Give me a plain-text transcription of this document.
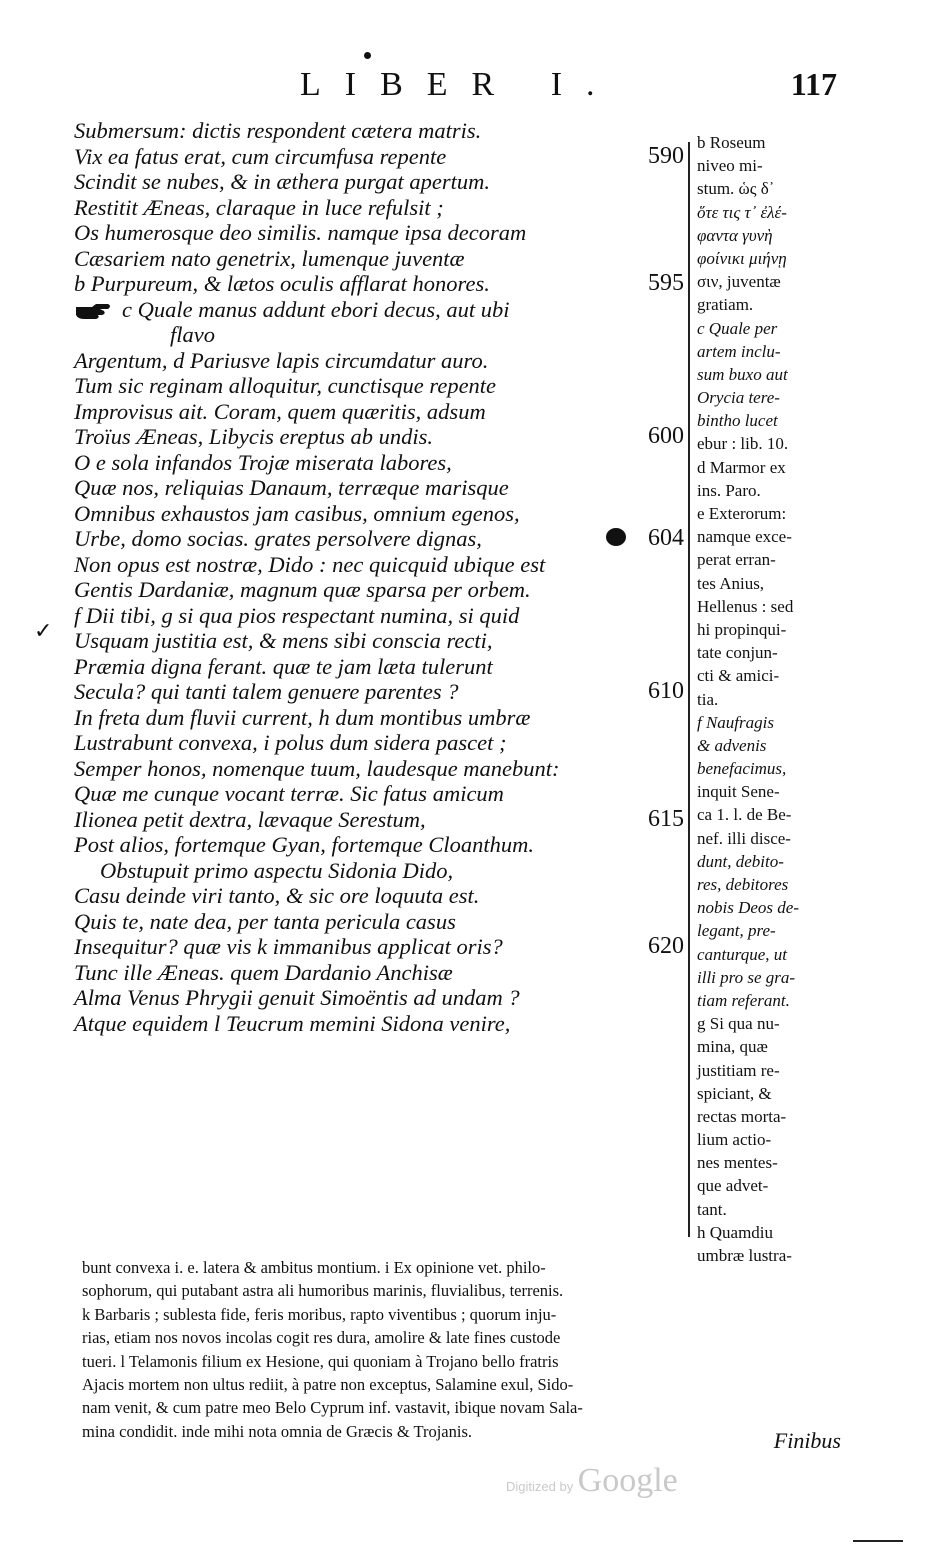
LIBER I.	117
Submersum: dictis respondent cætera matris.
Vix ea fatus erat, cum circumfusa repente	590
Scindit se nubes, & in æthera purgat apertum.
Restitit Æneas, claraque in luce refulsit ;
Os humerosque deo similis. namque ipsa decoram
Cæsariem nato genetrix, lumenque juventæ
b Purpureum, & lætos oculis afflarat honores.	595
c Quale manus addunt ebori decus, aut ubi
flavo
Argentum, d Pariusve lapis circumdatur auro.
Tum sic reginam alloquitur, cunctisque repente
Improvisus ait. Coram, quem quæritis, adsum
Troïus Æneas, Libycis ereptus ab undis.	600
O e sola infandos Trojæ miserata labores,
Quæ nos, reliquias Danaum, terræque marisque
Omnibus exhaustos jam casibus, omnium egenos,
Urbe, domo socias. grates persolvere dignas,	604
Non opus est nostræ, Dido : nec quicquid ubique est
Gentis Dardaniæ, magnum quæ sparsa per orbem.
f Dii tibi, g si qua pios respectant numina, si quid
Usquam justitia est, & mens sibi conscia recti,
Præmia digna ferant. quæ te jam læta tulerunt
Secula? qui tanti talem genuere parentes ?	610
In freta dum fluvii current, h dum montibus umbræ
Lustrabunt convexa, i polus dum sidera pascet ;
Semper honos, nomenque tuum, laudesque manebunt:
Quæ me cunque vocant terræ. Sic fatus amicum
Ilionea petit dextra, lævaque Serestum,	615
Post alios, fortemque Gyan, fortemque Cloanthum.
Obstupuit primo aspectu Sidonia Dido,
Casu deinde viri tanto, & sic ore loquuta est.
Quis te, nate dea, per tanta pericula casus
Insequitur? quæ vis k immanibus applicat oris?	620
Tunc ille Æneas. quem Dardanio Anchisæ
Alma Venus Phrygii genuit Simoëntis ad undam ?
Atque equidem l Teucrum memini Sidona venire,
✓
b Roseum
niveo mi-
stum. ὡς δ᾽
ὅτε τις τ᾽ ἐλέ-
φαντα γυνὴ
φοίνικι μιήνῃ
σιν, juventæ
gratiam.
c Quale per
artem inclu-
sum buxo aut
Orycia tere-
bintho lucet
ebur : lib. 10.
d Marmor ex
ins. Paro.
e Exterorum:
namque exce-
perat erran-
tes Anius,
Hellenus : sed
hi propinqui-
tate conjun-
cti & amici-
tia.
f Naufragis
& advenis
benefacimus,
inquit Sene-
ca 1. l. de Be-
nef. illi disce-
dunt, debito-
res, debitores
nobis Deos de-
legant, pre-
canturque, ut
illi pro se gra-
tiam referant.
g Si qua nu-
mina, quæ
justitiam re-
spiciant, &
rectas morta-
lium actio-
nes mentes-
que advet-
tant.
h Quamdiu
umbræ lustra-
bunt convexa i. e. latera & ambitus montium. i Ex opinione vet. philo-
sophorum, qui putabant astra ali humoribus marinis, fluvialibus, terrenis.
k Barbaris ; sublesta fide, feris moribus, rapto viventibus ; quorum inju-
rias, etiam nos novos incolas cogit res dura, amolire & late fines custode
tueri. l Telamonis filium ex Hesione, qui quoniam à Trojano bello fratris
Ajacis mortem non ultus rediit, à patre non exceptus, Salamine exul, Sido-
nam venit, & cum patre meo Belo Cyprum inf. vastavit, ibique novam Sala-
mina condidit. inde mihi nota omnia de Græcis & Trojanis.	Finibus
Digitized by Google
